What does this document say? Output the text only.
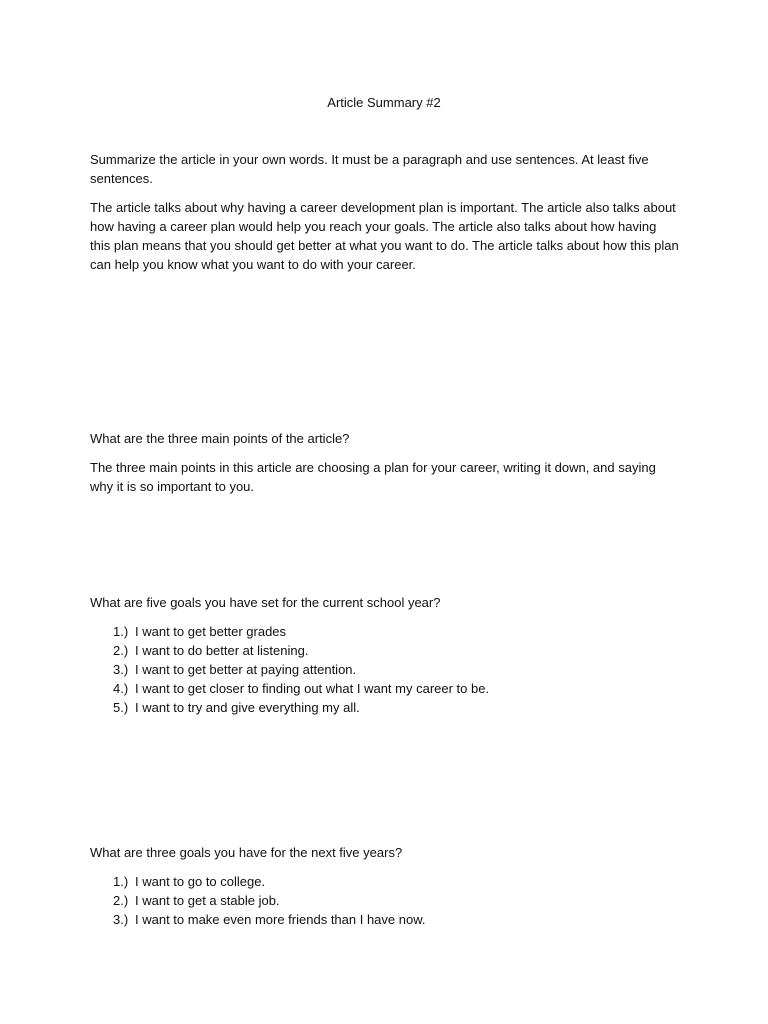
Article Summary #2

Summarize the article in your own words. It must be a paragraph and use sentences. At least five sentences.

The article talks about why having a career development plan is important. The article also talks about how having a career plan would help you reach your goals. The article also talks about how having this plan means that you should get better at what you want to do. The article talks about how this plan can help you know what you want to do with your career.

What are the three main points of the article?

The three main points in this article are choosing a plan for your career, writing it down, and saying why it is so important to you.

What are five goals you have set for the current school year?

1.) I want to get better grades
2.) I want to do better at listening.
3.) I want to get better at paying attention.
4.) I want to get closer to finding out what I want my career to be.
5.) I want to try and give everything my all.

What are three goals you have for the next five years?

1.) I want to go to college.
2.) I want to get a stable job.
3.) I want to make even more friends than I have now.
